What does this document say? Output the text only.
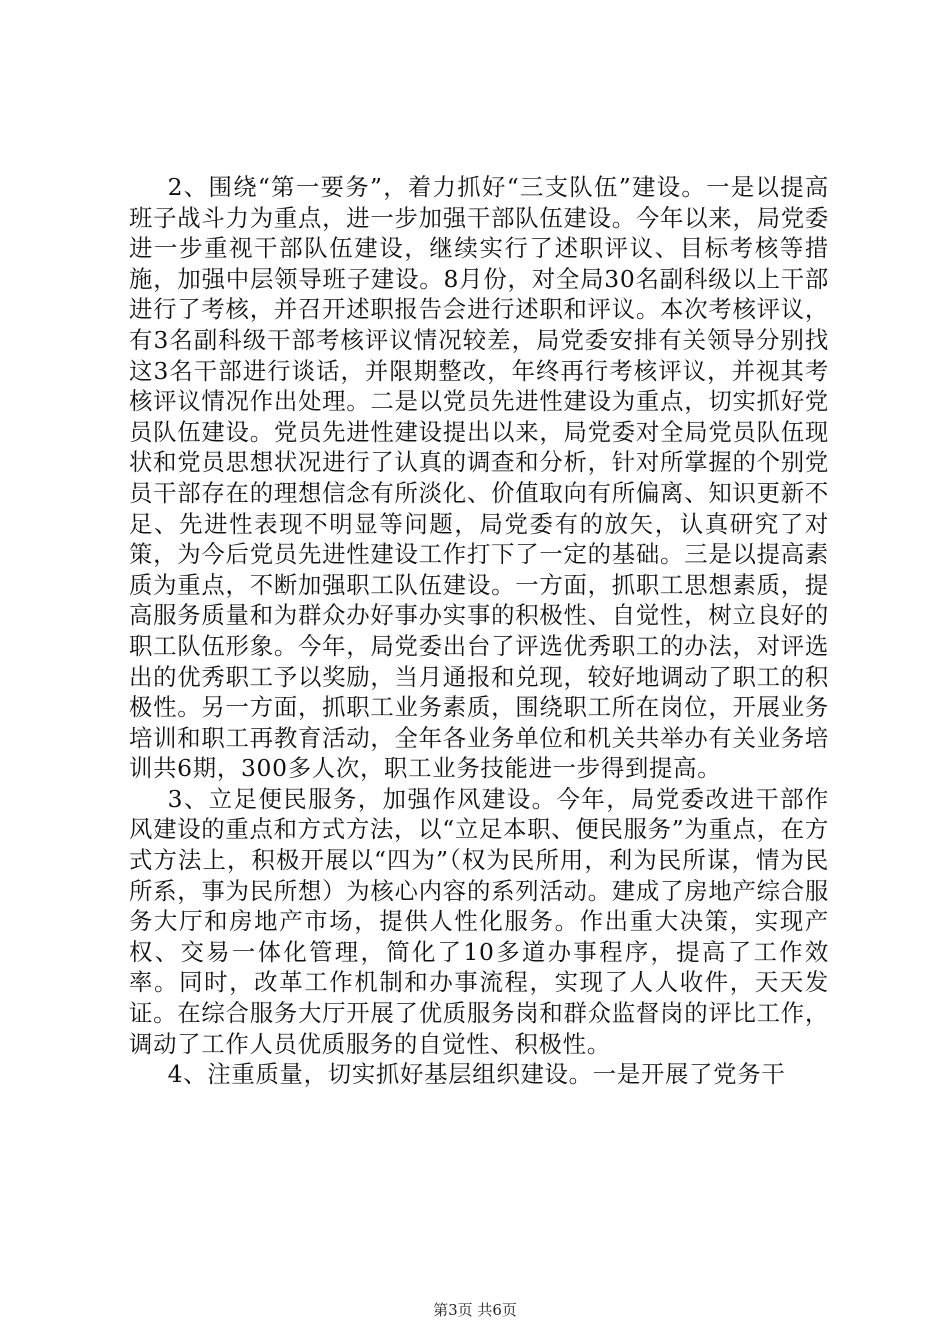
2、围绕“第一要务”，着力抓好“三支队伍”建设。一是以提高班子战斗力为重点，进一步加强干部队伍建设。今年以来，局党委进一步重视干部队伍建设，继续实行了述职评议、目标考核等措施，加强中层领导班子建设。8月份，对全局30名副科级以上干部进行了考核，并召开述职报告会进行述职和评议。本次考核评议，有3名副科级干部考核评议情况较差，局党委安排有关领导分别找这3名干部进行谈话，并限期整改，年终再行考核评议，并视其考核评议情况作出处理。二是以党员先进性建设为重点，切实抓好党员队伍建设。党员先进性建设提出以来，局党委对全局党员队伍现状和党员思想状况进行了认真的调查和分析，针对所掌握的个别党员干部存在的理想信念有所淡化、价值取向有所偏离、知识更新不足、先进性表现不明显等问题，局党委有的放矢，认真研究了对策，为今后党员先进性建设工作打下了一定的基础。三是以提高素质为重点，不断加强职工队伍建设。一方面，抓职工思想素质，提高服务质量和为群众办好事办实事的积极性、自觉性，树立良好的职工队伍形象。今年，局党委出台了评选优秀职工的办法，对评选出的优秀职工予以奖励，当月通报和兑现，较好地调动了职工的积极性。另一方面，抓职工业务素质，围绕职工所在岗位，开展业务培训和职工再教育活动，全年各业务单位和机关共举办有关业务培训共6期，300多人次，职工业务技能进一步得到提高。

3、立足便民服务，加强作风建设。今年，局党委改进干部作风建设的重点和方式方法，以“立足本职、便民服务”为重点，在方式方法上，积极开展以“四为”（权为民所用，利为民所谋，情为民所系，事为民所想）为核心内容的系列活动。建成了房地产综合服务大厅和房地产市场，提供人性化服务。作出重大决策，实现产权、交易一体化管理，简化了10多道办事程序，提高了工作效率。同时，改革工作机制和办事流程，实现了人人收件，天天发证。在综合服务大厅开展了优质服务岗和群众监督岗的评比工作，调动了工作人员优质服务的自觉性、积极性。

4、注重质量，切实抓好基层组织建设。一是开展了党务干

第3页 共6页
